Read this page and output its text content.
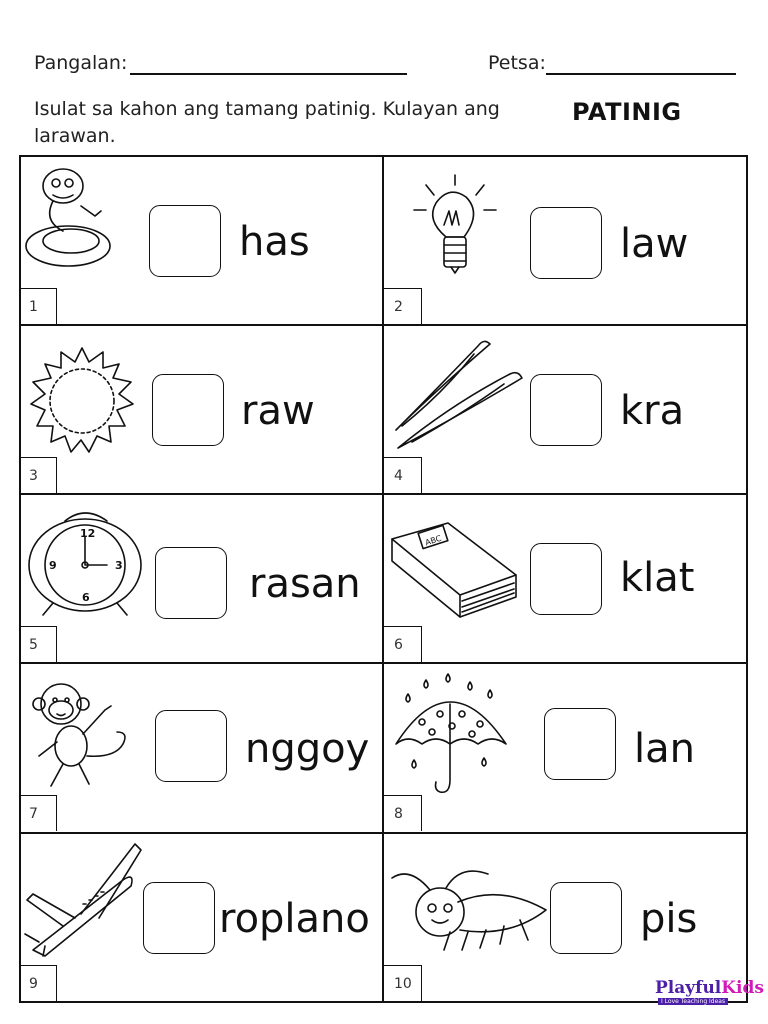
Pangalan:	Petsa:
Isulat sa kahon ang tamang patinig. Kulayan ang larawan.
PATINIG
has
1
law
2
raw
3
kra
4
12
3
6
9	rasan
5
ABC
klat
6
nggoy
7
lan
8
roplano
9
pis
10	PlayfulKids
I Love Teaching Ideas
